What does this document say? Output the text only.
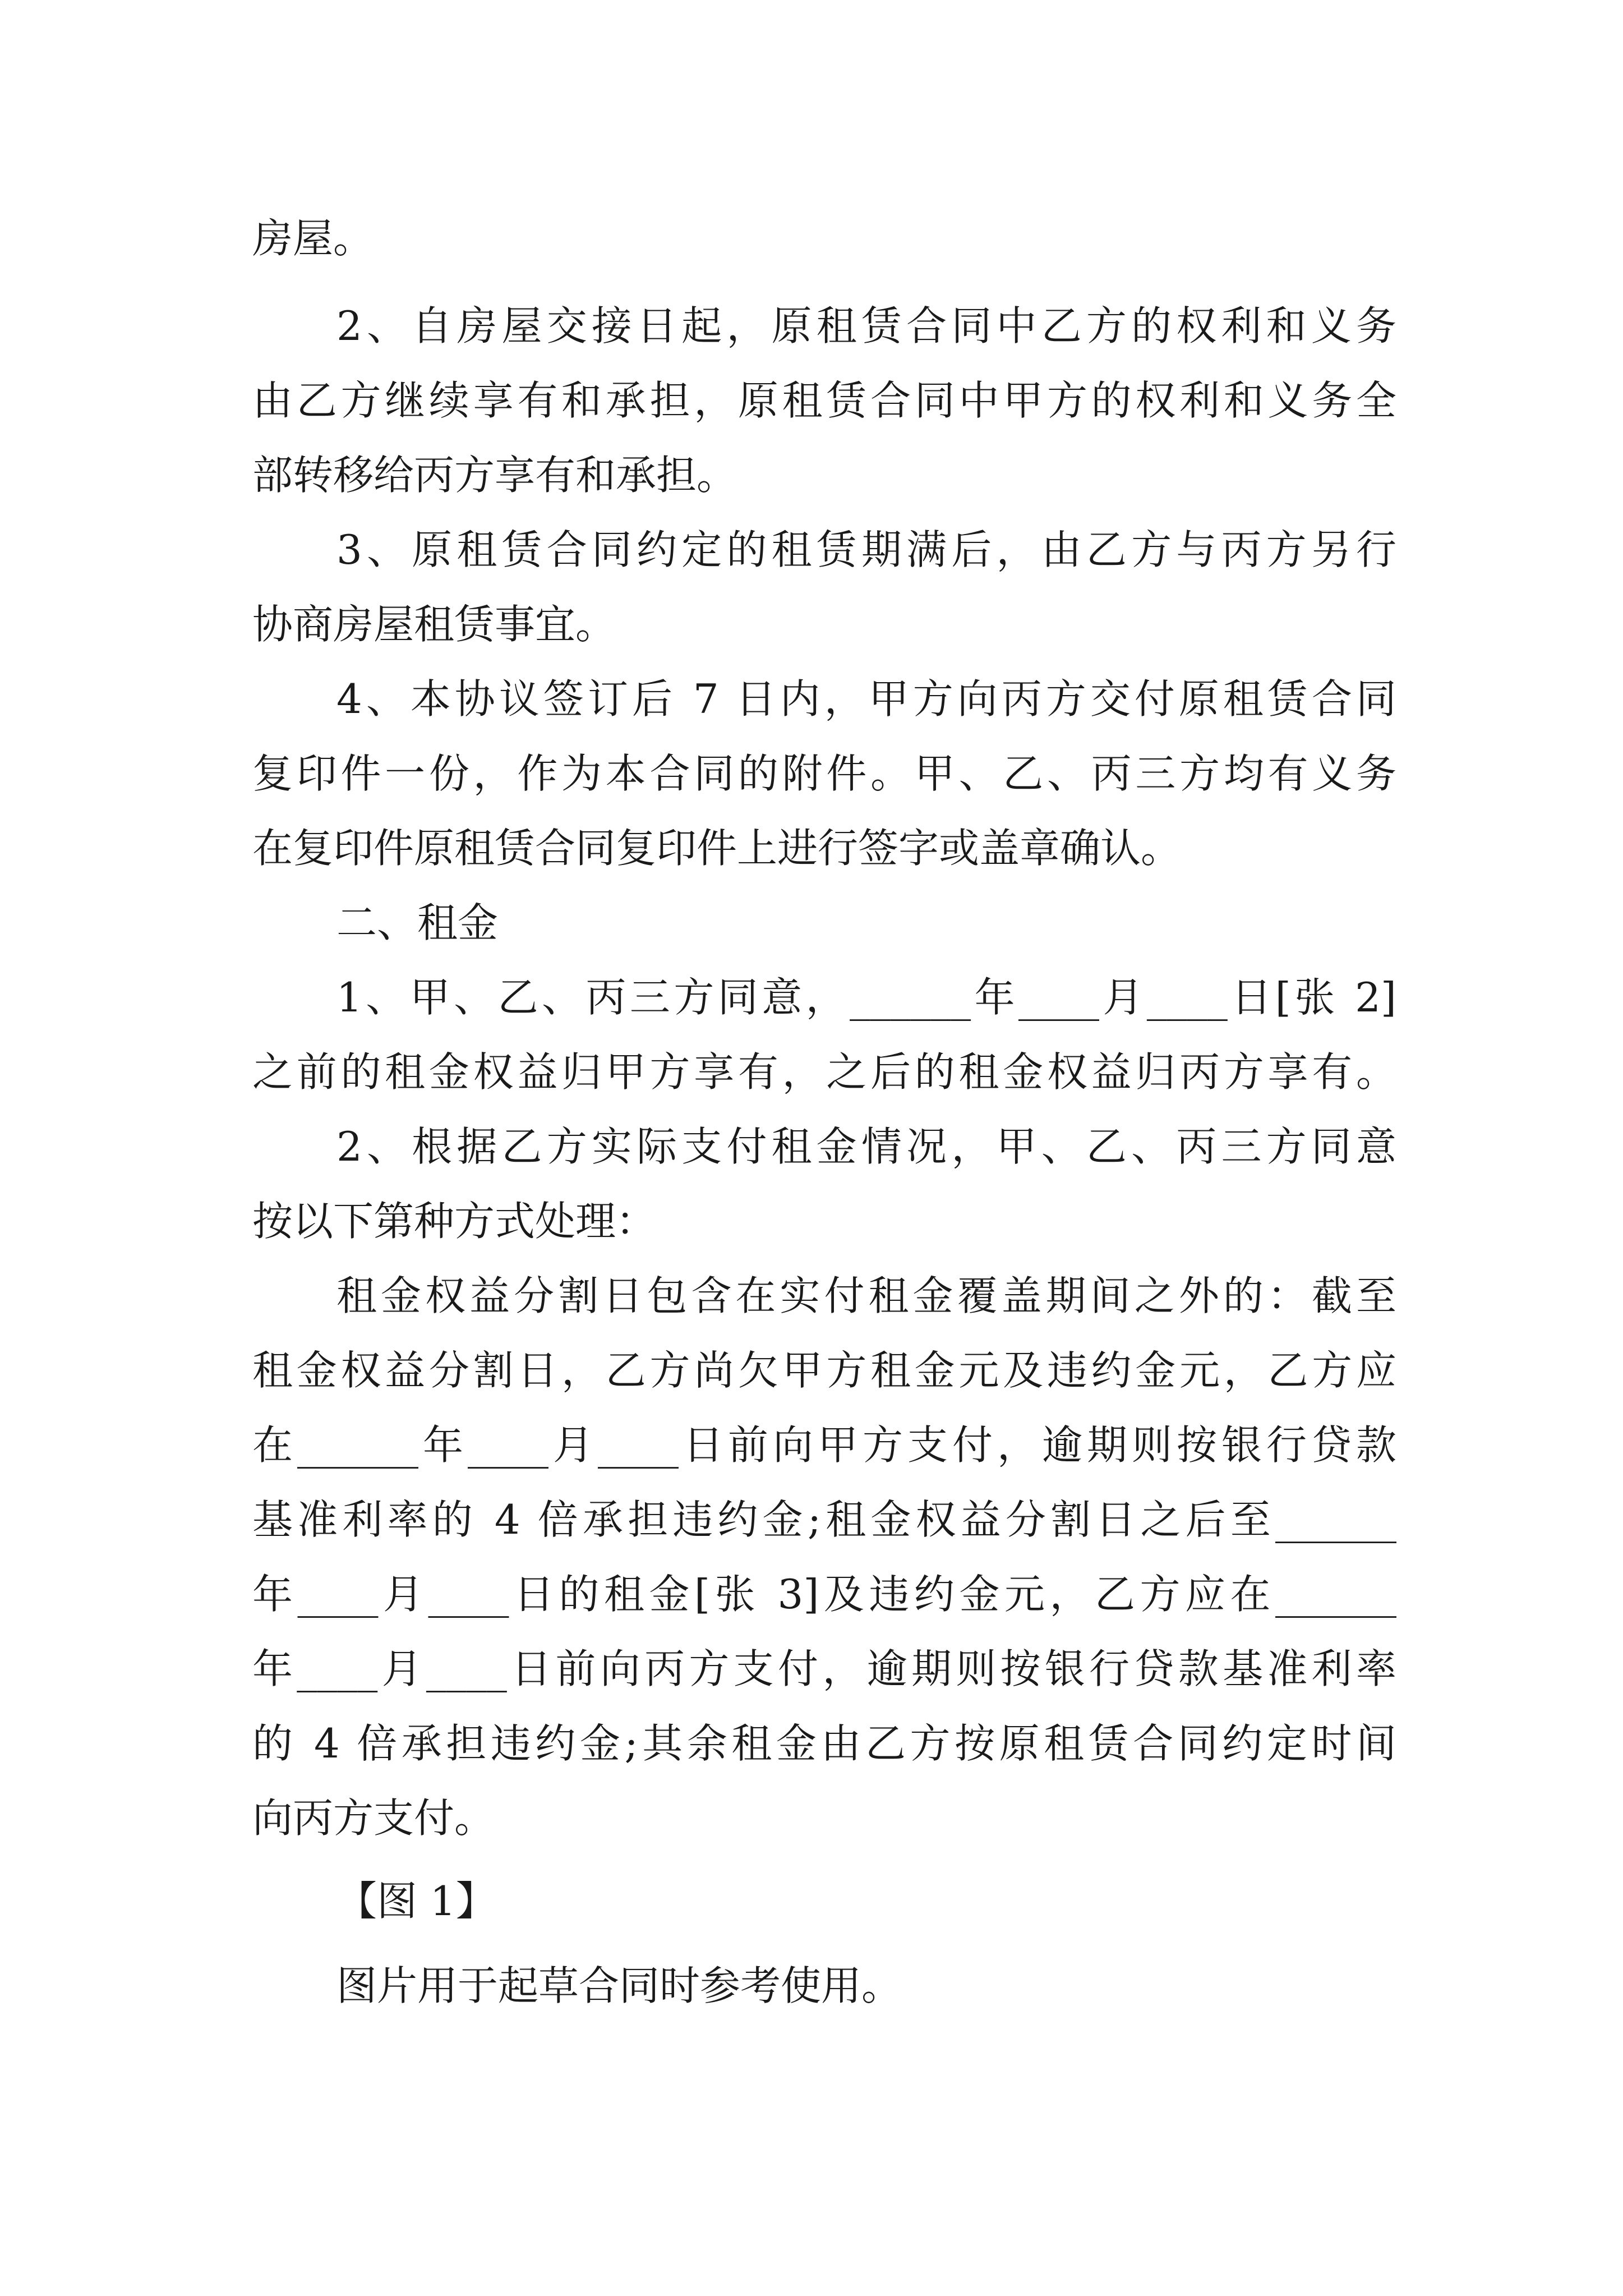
房屋。

2、自房屋交接日起，原租赁合同中乙方的权利和义务

由乙方继续享有和承担，原租赁合同中甲方的权利和义务全

部转移给丙方享有和承担。

3、原租赁合同约定的租赁期满后，由乙方与丙方另行

协商房屋租赁事宜。

4、本协议签订后 7 日内，甲方向丙方交付原租赁合同

复印件一份，作为本合同的附件。甲、乙、丙三方均有义务

在复印件原租赁合同复印件上进行签字或盖章确认。

二、租金

1、甲、乙、丙三方同意，______年____月____日[张 2]

之前的租金权益归甲方享有，之后的租金权益归丙方享有。

2、根据乙方实际支付租金情况，甲、乙、丙三方同意

按以下第种方式处理：

租金权益分割日包含在实付租金覆盖期间之外的：截至

租金权益分割日，乙方尚欠甲方租金元及违约金元，乙方应

在______年____月____日前向甲方支付，逾期则按银行贷款

基准利率的 4 倍承担违约金;租金权益分割日之后至______

年____月____日的租金[张 3]及违约金元，乙方应在______

年____月____日前向丙方支付，逾期则按银行贷款基准利率

的 4 倍承担违约金;其余租金由乙方按原租赁合同约定时间

向丙方支付。

【图 1】

图片用于起草合同时参考使用。
